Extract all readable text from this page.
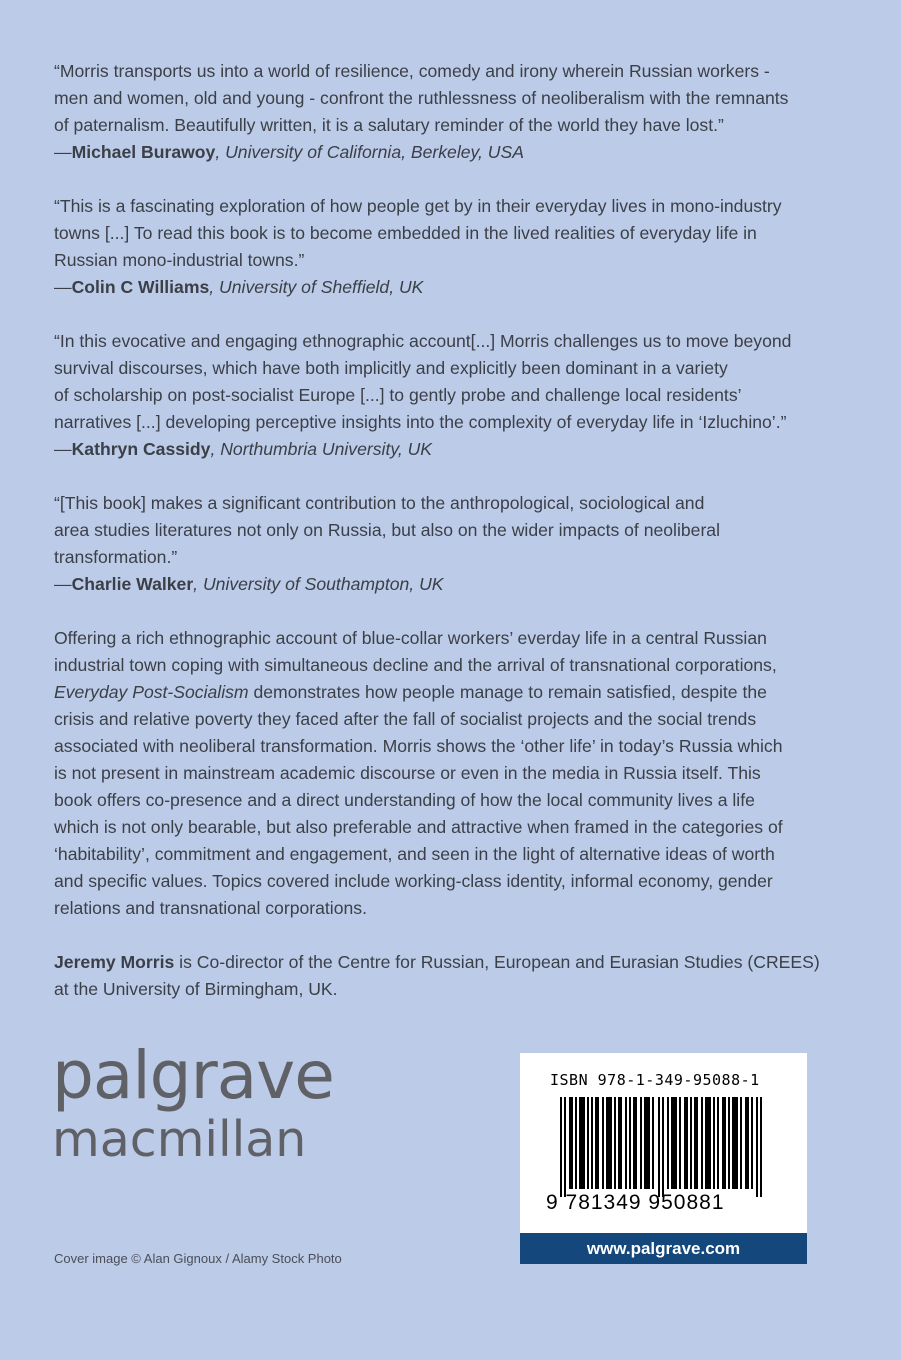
“Morris transports us into a world of resilience, comedy and irony wherein Russian workers -
men and women, old and young - confront the ruthlessness of neoliberalism with the remnants
of paternalism. Beautifully written, it is a salutary reminder of the world they have lost.”
—Michael Burawoy, University of California, Berkeley, USA
“This is a fascinating exploration of how people get by in their everyday lives in mono-industry
towns [...] To read this book is to become embedded in the lived realities of everyday life in
Russian mono-industrial towns.”
—Colin C Williams, University of Sheffield, UK
“In this evocative and engaging ethnographic account[...] Morris challenges us to move beyond
survival discourses, which have both implicitly and explicitly been dominant in a variety
of scholarship on post-socialist Europe [...] to gently probe and challenge local residents’
narratives [...] developing perceptive insights into the complexity of everyday life in ‘Izluchino’.”
—Kathryn Cassidy, Northumbria University, UK
“[This book] makes a significant contribution to the anthropological, sociological and
area studies literatures not only on Russia, but also on the wider impacts of neoliberal
transformation.”
—Charlie Walker, University of Southampton, UK
Offering a rich ethnographic account of blue-collar workers’ everday life in a central Russian
industrial town coping with simultaneous decline and the arrival of transnational corporations,
Everyday Post-Socialism demonstrates how people manage to remain satisfied, despite the
crisis and relative poverty they faced after the fall of socialist projects and the social trends
associated with neoliberal transformation. Morris shows the ‘other life’ in today’s Russia which
is not present in mainstream academic discourse or even in the media in Russia itself. This
book offers co-presence and a direct understanding of how the local community lives a life
which is not only bearable, but also preferable and attractive when framed in the categories of
‘habitability’, commitment and engagement, and seen in the light of alternative ideas of worth
and specific values. Topics covered include working-class identity, informal economy, gender
relations and transnational corporations.
Jeremy Morris is Co-director of the Centre for Russian, European and Eurasian Studies (CREES)
at the University of Birmingham, UK.
palgrave
macmillan
Cover image © Alan Gignoux / Alamy Stock Photo
ISBN 978-1-349-95088-1
9 781349 950881
www.palgrave.com
